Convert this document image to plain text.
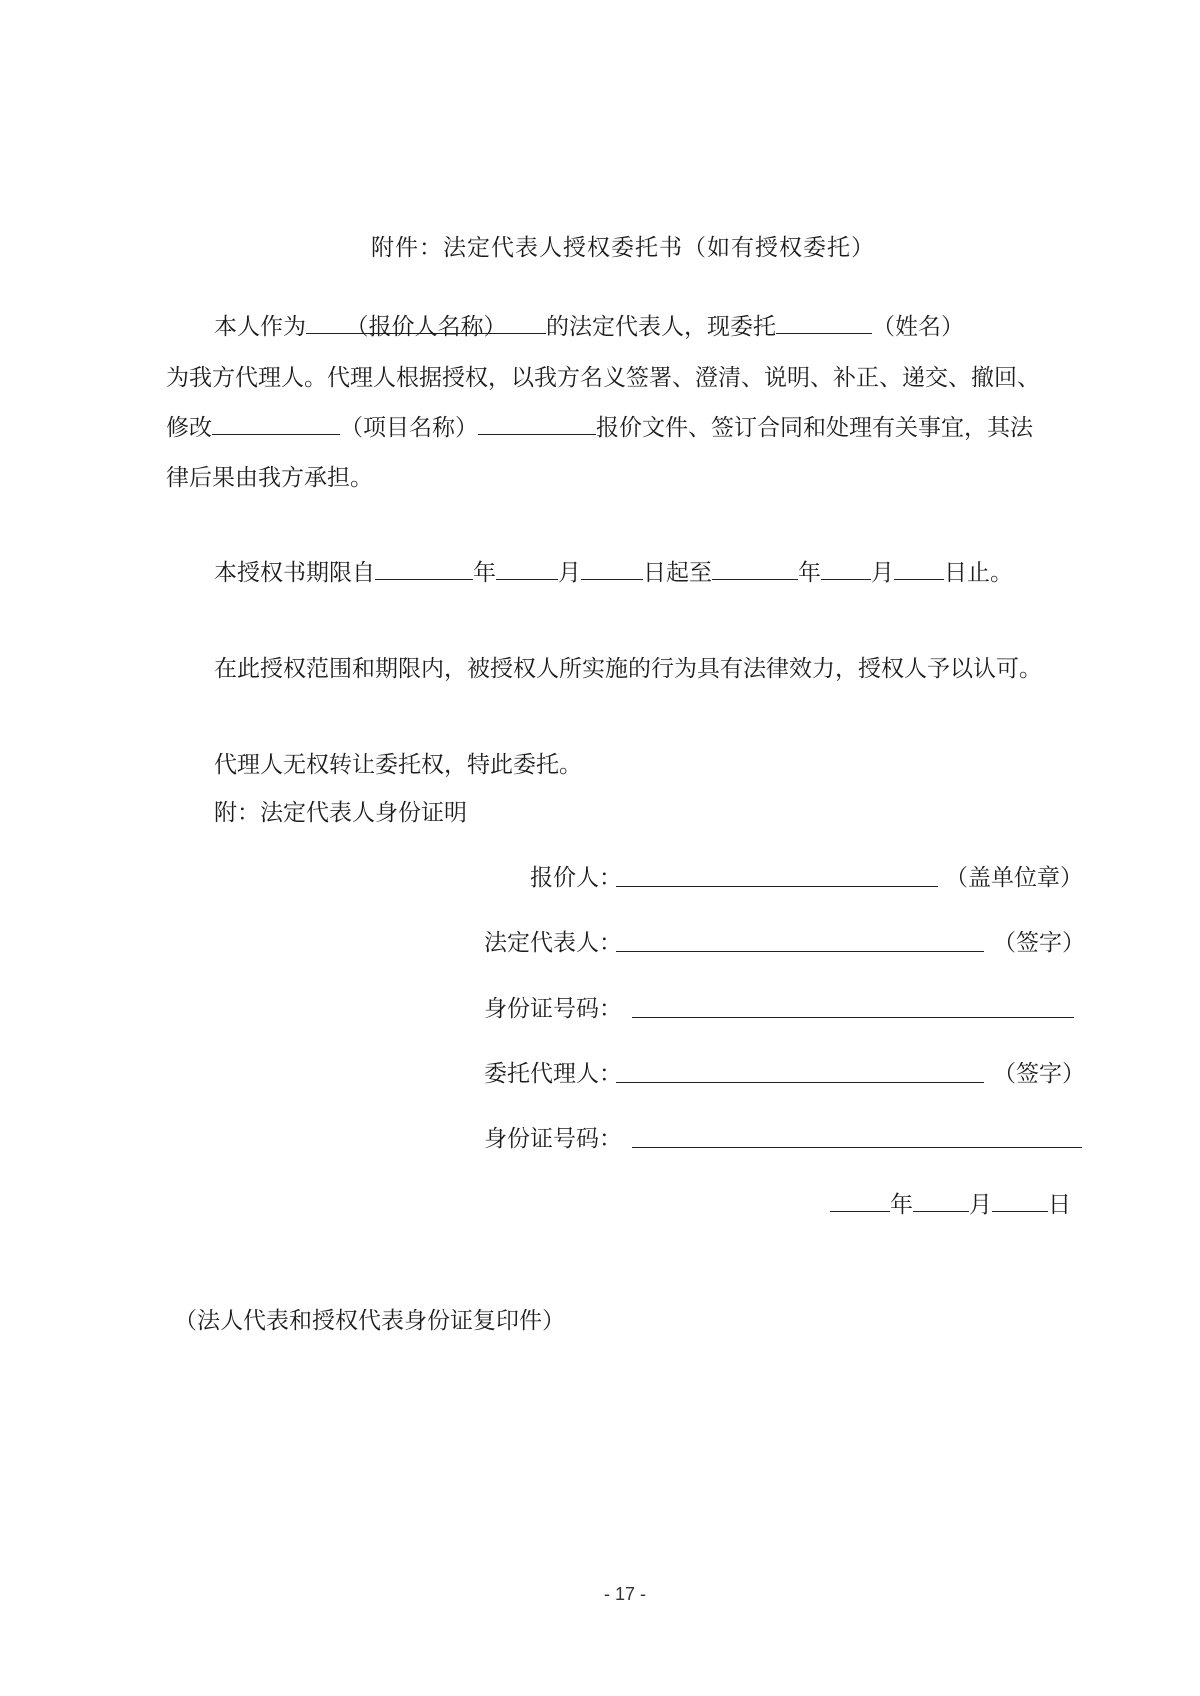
附件：法定代表人授权委托书（如有授权委托）
本人作为 （报价人名称） 的法定代表人，现委托	（姓名）
为我方代理人。代理人根据授权，以我方名义签署、澄清、说明、补正、递交、撤回、
修改	（项目名称）	报价文件、签订合同和处理有关事宜，其法
律后果由我方承担。
本授权书期限自	年	月	日起至	年 月 日止。
在此授权范围和期限内，被授权人所实施的行为具有法律效力，授权人予以认可。
代理人无权转让委托权，特此委托。
附：法定代表人身份证明
报价人：	（盖单位章）
法定代表人：	（签字）
身份证号码：
委托代理人：	（签字）
身份证号码：
年 月 日
（法人代表和授权代表身份证复印件）
- 17 -
